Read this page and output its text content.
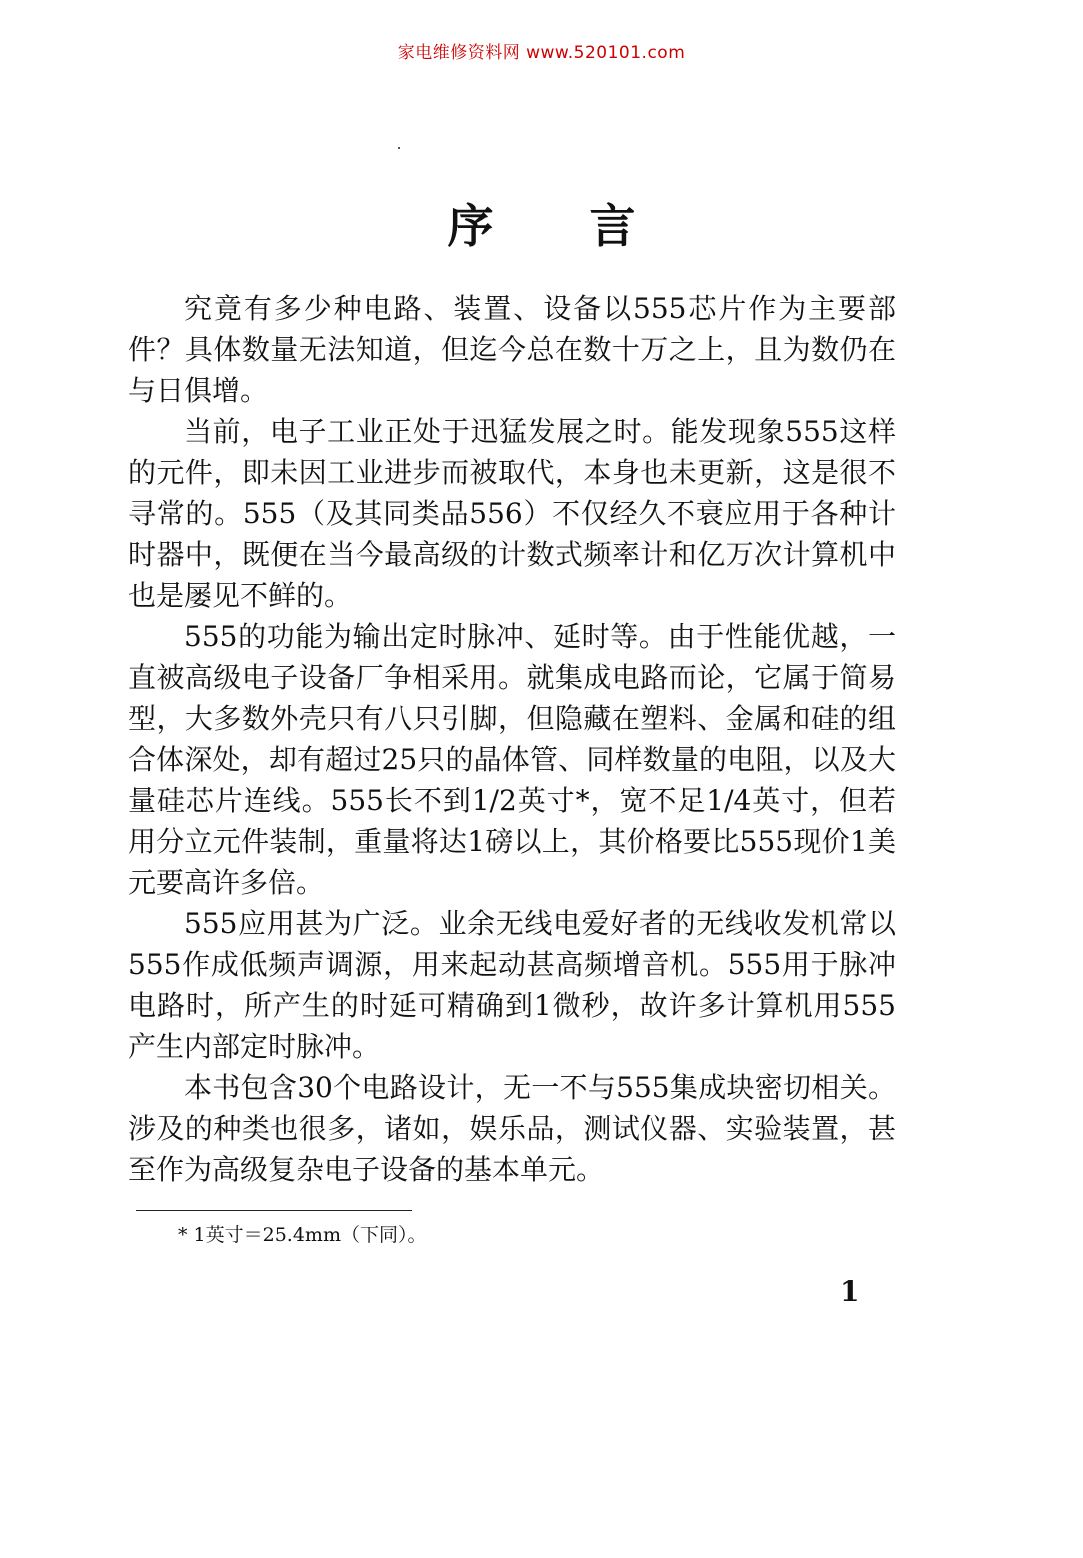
家电维修资料网 www.520101.com
序言

究竟有多少种电路、装置、设备以555芯片作为主要部件？具体数量无法知道，但迄今总在数十万之上，且为数仍在与日俱增。

当前，电子工业正处于迅猛发展之时。能发现象555这样的元件，即未因工业进步而被取代，本身也未更新，这是很不寻常的。555（及其同类品556）不仅经久不衰应用于各种计时器中，既便在当今最高级的计数式频率计和亿万次计算机中也是屡见不鲜的。

555的功能为输出定时脉冲、延时等。由于性能优越，一直被高级电子设备厂争相采用。就集成电路而论，它属于简易型，大多数外壳只有八只引脚，但隐藏在塑料、金属和硅的组合体深处，却有超过25只的晶体管、同样数量的电阻，以及大量硅芯片连线。555长不到1/2英寸*，宽不足1/4英寸，但若用分立元件装制，重量将达1磅以上，其价格要比555现价1美元要高许多倍。

555应用甚为广泛。业余无线电爱好者的无线收发机常以555作成低频声调源，用来起动甚高频增音机。555用于脉冲电路时，所产生的时延可精确到1微秒，故许多计算机用555产生内部定时脉冲。

本书包含30个电路设计，无一不与555集成块密切相关。涉及的种类也很多，诸如，娱乐品，测试仪器、实验装置，甚至作为高级复杂电子设备的基本单元。

* 1英寸＝25.4mm（下同）。
1
